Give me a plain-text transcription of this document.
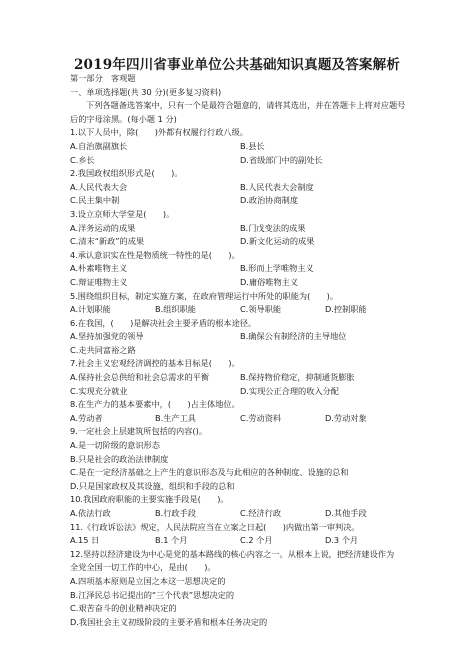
2019年四川省事业单位公共基础知识真题及答案解析
第一部分　客观题
一、单项选择题(共 30 分)(更多复习资料)
下列各题备选答案中，只有一个是最符合题意的，请将其选出，并在答题卡上将对应题号
后的字母涂黑。(每小题 1 分)
1.以下人员中，除(　　)外都有权履行行政八级。
A.自治旗副旗长	B.县长
C.乡长	D.省级部门中的副处长
2.我国政权组织形式是(　　)。
A.人民代表大会	B.人民代表大会制度
C.民主集中制	D.政治协商制度
3.设立京师大学堂是(　　)。
A.洋务运动的成果	B.门戊变法的成果
C.清末“新政”的成果	D.新文化运动的成果
4.承认意识实在性是物质统一特性的是(　　)。
A.朴素唯物主义	B.形而上学唯物主义
C.辩证唯物主义	D.庸俗唯物主义
5.围绕组织目标，制定实施方案，在政府管理运行中所处的职能为(　　)。
A.计划职能	B.组织职能	C.领导职能	D.控制职能
6.在我国，(　　)是解决社会主要矛盾的根本途径。
A.坚持加强党的领导	B.确保公有制经济的主导地位
C.走共同富裕之路
7.社会主义宏观经济调控的基本目标是(　　)。
A.保持社会总供给和社会总需求的平衡	B.保持物价稳定，抑制通货膨胀
C.实现充分就业	D.实现公正合理的收入分配
8.在生产力的基本要素中，(　　)占主体地位。
A.劳动者	B.生产工具	C.劳动资料	D.劳动对象
9.一定社会上层建筑所包括的内容()。
A.是一切阶级的意识形态
B.只是社会的政治法律制度
C.是在一定经济基础之上产生的意识形态及与此相应的各种制度、设施的总和
D.只是国家政权及其设施、组织和手段的总和
10.我国政府职能的主要实施手段是(　　)。
A.依法行政	B.行政手段	C.经济行政	D.其他手段
11.《行政诉讼法》规定，人民法院应当在立案之日起(　　)内做出第一审判决。
A.15 日	B.1 个月	C.2 个月	D.3 个月
12.坚持以经济建设为中心是党的基本路线的核心内容之一。从根本上说，把经济建设作为
全党全国一切工作的中心，是由(　　)。
A.四项基本原则是立国之本这一思想决定的
B.江泽民总书记提出的“三个代表”思想决定的
C.艰苦奋斗的创业精神决定的
D.我国社会主义初级阶段的主要矛盾和根本任务决定的
